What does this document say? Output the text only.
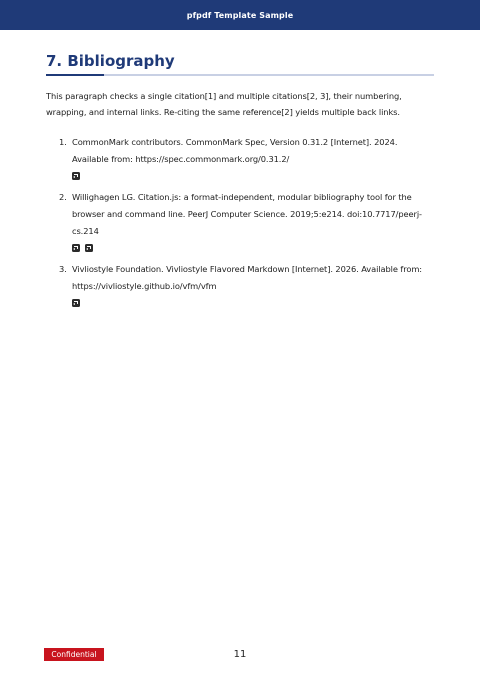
pfpdf Template Sample
7. Bibliography

This paragraph checks a single citation[1] and multiple citations[2, 3], their numbering, wrapping, and internal links. Re-citing the same reference[2] yields multiple back links.

1. CommonMark contributors. CommonMark Spec, Version 0.31.2 [Internet]. 2024. Available from: https://spec.commonmark.org/0.31.2/
2. Willighagen LG. Citation.js: a format-independent, modular bibliography tool for the browser and command line. PeerJ Computer Science. 2019;5:e214. doi:10.7717/peerj-cs.214
3. Vivliostyle Foundation. Vivliostyle Flavored Markdown [Internet]. 2026. Available from: https://vivliostyle.github.io/vfm/vfm
Confidential	11
